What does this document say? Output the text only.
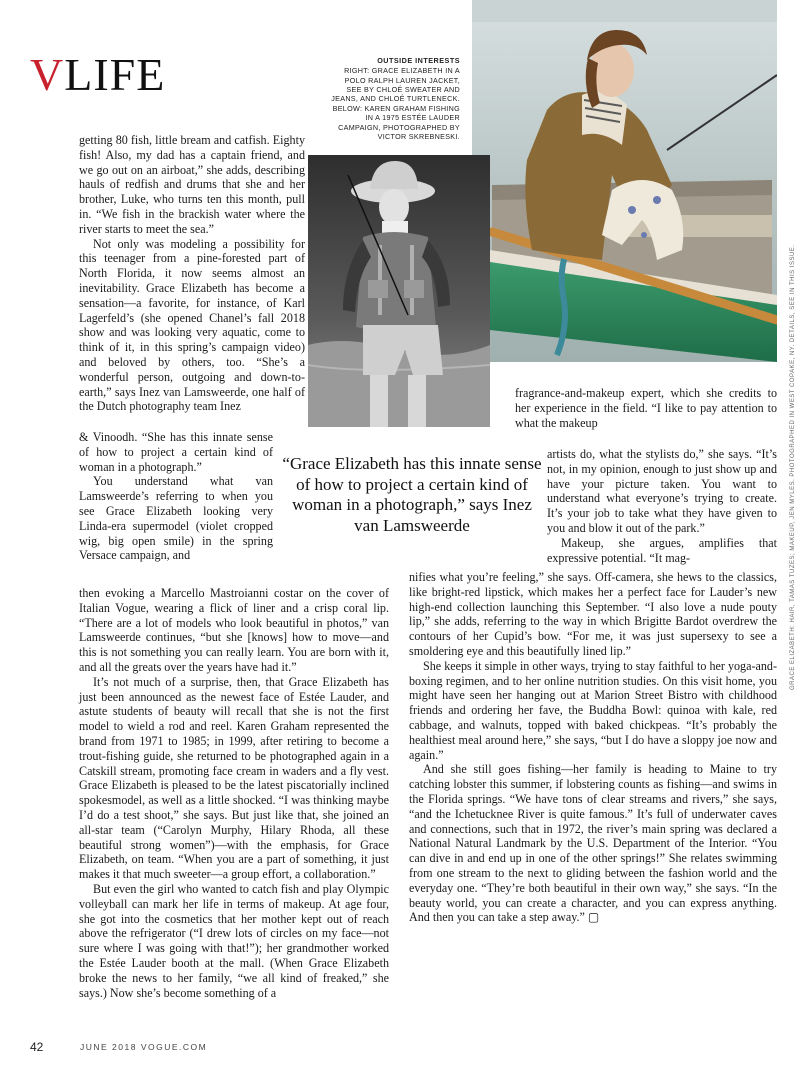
VLIFE	OUTSIDE INTERESTS
RIGHT: GRACE ELIZABETH IN A POLO RALPH LAUREN JACKET, SEE BY CHLOÉ SWEATER AND JEANS, AND CHLOÉ TURTLENECK. BELOW: KAREN GRAHAM FISHING IN A 1975 ESTÉE LAUDER CAMPAIGN, PHOTOGRAPHED BY VICTOR SKREBNESKI.

getting 80 fish, little bream and catfish. Eighty fish! Also, my dad has a captain friend, and we go out on an airboat,” she adds, describing hauls of redfish and drums that she and her brother, Luke, who turns ten this month, pull in. “We fish in the brackish water where the river starts to meet the sea.”

Not only was modeling a possibility for this teenager from a pine-forested part of North Florida, it now seems almost an inevitability. Grace Elizabeth has become a sensation—a favorite, for instance, of Karl Lagerfeld’s (she opened Chanel’s fall 2018 show and was looking very aquatic, come to think of it, in this spring’s campaign video) and beloved by others, too. “She’s a wonderful person, outgoing and down-to-earth,” says Inez van Lamsweerde, one half of the Dutch photography team Inez

& Vinoodh. “She has this innate sense of how to project a certain kind of woman in a photograph.”

You understand what van Lamsweerde’s referring to when you see Grace Elizabeth looking very Linda-era supermodel (violet cropped wig, big open smile) in the spring Versace campaign, and

then evoking a Marcello Mastroianni costar on the cover of Italian Vogue, wearing a flick of liner and a crisp coral lip. “There are a lot of models who look beautiful in photos,” van Lamsweerde continues, “but she [knows] how to move—and this is not something you can really learn. You are born with it, and all the greats over the years have had it.”

It’s not much of a surprise, then, that Grace Elizabeth has just been announced as the newest face of Estée Lauder, and astute students of beauty will recall that she is not the first model to wield a rod and reel. Karen Graham represented the brand from 1971 to 1985; in 1999, after retiring to become a trout-fishing guide, she returned to be photographed again in a Catskill stream, promoting face cream in waders and a fly vest. Grace Elizabeth is pleased to be the latest piscatorially inclined spokesmodel, as well as a little shocked. “I was thinking maybe I’d do a test shoot,” she says. But just like that, she joined an all-star team (“Carolyn Murphy, Hilary Rhoda, all these beautiful strong women”)—with the emphasis, for Grace Elizabeth, on team. “When you are a part of something, it just makes it that much sweeter—a group effort, a collaboration.”

But even the girl who wanted to catch fish and play Olympic volleyball can mark her life in terms of makeup. At age four, she got into the cosmetics that her mother kept out of reach above the refrigerator (“I drew lots of circles on my face—not sure where I was going with that!”); her grandmother worked the Estée Lauder booth at the mall. (When Grace Elizabeth broke the news to her family, “we all kind of freaked,” she says.) Now she’s become something of a

fragrance-and-makeup expert, which she credits to her experience in the field. “I like to pay attention to what the makeup

artists do, what the stylists do,” she says. “It’s not, in my opinion, enough to just show up and have your picture taken. You want to understand what everyone’s trying to create. It’s your job to take what they have given to you and blow it out of the park.”

Makeup, she argues, amplifies that expressive potential. “It mag-

nifies what you’re feeling,” she says. Off-camera, she hews to the classics, like bright-red lipstick, which makes her a perfect face for Lauder’s new high-end collection launching this September. “I also love a nude pouty lip,” she adds, referring to the way in which Brigitte Bardot overdrew the contours of her Cupid’s bow. “For me, it was just supersexy to see a smoldering eye and this beautifully lined lip.”

She keeps it simple in other ways, trying to stay faithful to her yoga-and-boxing regimen, and to her online nutrition studies. On this visit home, you might have seen her hanging out at Marion Street Bistro with childhood friends and ordering her fave, the Buddha Bowl: quinoa with kale, red cabbage, and walnuts, topped with baked chickpeas. “It’s probably the healthiest meal around here,” she says, “but I do have a sloppy joe now and again.”

And she still goes fishing—her family is heading to Maine to try catching lobster this summer, if lobstering counts as fishing—and swims in the Florida springs. “We have tons of clear streams and rivers,” she says, “and the Ichetucknee River is quite famous.” It’s full of underwater caves and connections, such that in 1972, the river’s main spring was declared a National Natural Landmark by the U.S. Department of the Interior. “You can dive in and end up in one of the other springs!” She relates swimming from one stream to the next to gliding between the fashion world and the everyday one. “They’re both beautiful in their own way,” she says. “In the beauty world, you can create a character, and you can express anything. And then you can take a step away.” ▢

“Grace Elizabeth has this innate sense of how to project a certain kind of woman in a photograph,” says Inez van Lamsweerde
42	JUNE 2018 VOGUE.COM
GRACE ELIZABETH: HAIR, TAMAS TUZES; MAKEUP, JEN MYLES. PHOTOGRAPHED IN WEST COPAKE, NY. DETAILS, SEE IN THIS ISSUE.
